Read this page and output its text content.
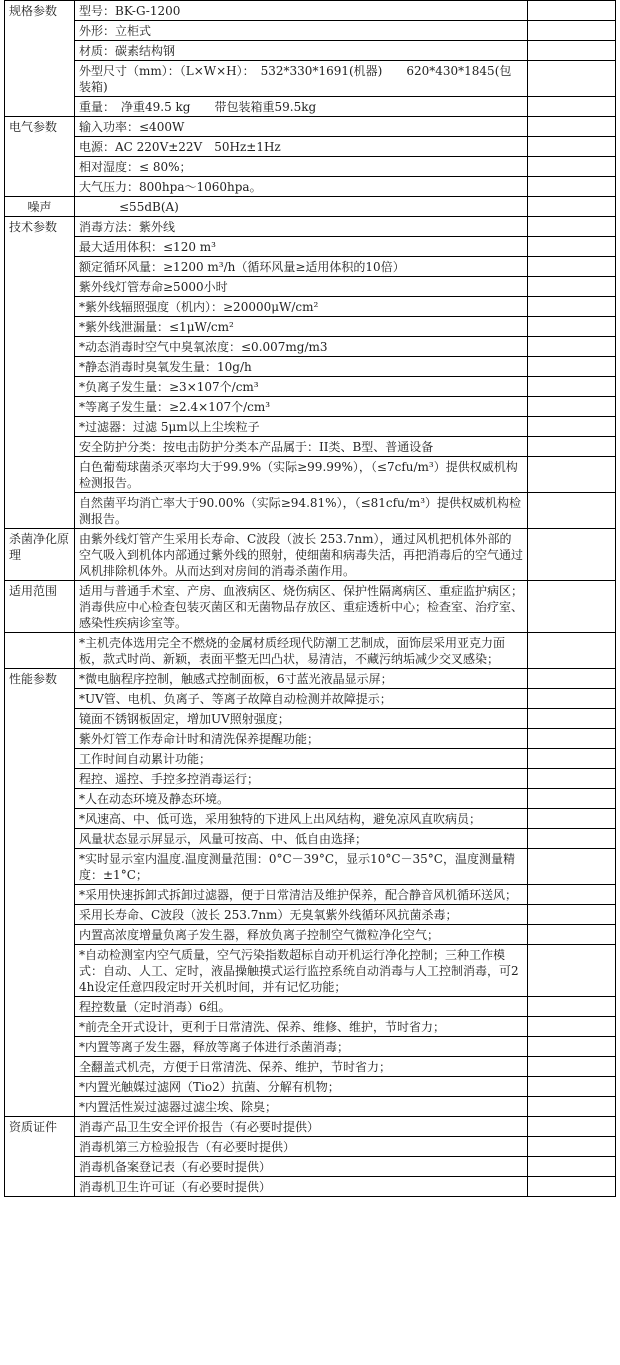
规格参数	型号：BK-G-1200	
	外形：立柜式	
	材质：碳素结构钢	
	外型尺寸（mm）：（L×W×H）：　532*330*1691(机器)　　620*430*1845(包装箱)	
	重量：　净重49.5 kg　　带包装箱重59.5kg	
电气参数	输入功率：≤400W	
	电源：AC 220V±22V　50Hz±1Hz	
	相对湿度：≤ 80%；	
	大气压力：800hpa～1060hpa。	
噪声	≤55dB(A)	
技术参数	消毒方法：紫外线	
	最大适用体积：≤120 m³	
	额定循环风量：≥1200 m³/h（循环风量≥适用体积的10倍）	
	紫外线灯管寿命≥5000小时	
	*紫外线辐照强度（机内）：≥20000μW/cm²	
	*紫外线泄漏量：≤1μW/cm²	
	*动态消毒时空气中臭氧浓度：≤0.007mg/m3	
	*静态消毒时臭氧发生量：10g/h	
	*负离子发生量：≥3×107个/cm³	
	*等离子发生量：≥2.4×107个/cm³	
	*过滤器：过滤 5μm以上尘埃粒子	
	安全防护分类：按电击防护分类本产品属于：II类、B型、普通设备	
	白色葡萄球菌杀灭率均大于99.9%（实际≥99.99%），（≤7cfu/m³）提供权威机构检测报告。	
	自然菌平均消亡率大于90.00%（实际≥94.81%），（≤81cfu/m³）提供权威机构检测报告。	
杀菌净化原理	由紫外线灯管产生采用长寿命、C波段（波长 253.7nm），通过风机把机体外部的空气吸入到机体内部通过紫外线的照射，使细菌和病毒失活，再把消毒后的空气通过风机排除机体外。从而达到对房间的消毒杀菌作用。	
适用范围	适用与普通手术室、产房、血液病区、烧伤病区、保护性隔离病区、重症监护病区；消毒供应中心检查包装灭菌区和无菌物品存放区、重症透析中心；检查室、治疗室、感染性疾病诊室等。	
	*主机壳体选用完全不燃烧的金属材质经现代防潮工艺制成，面饰层采用亚克力面板，款式时尚、新颖，表面平整无凹凸状，易清洁，不藏污纳垢减少交叉感染；	
性能参数	*微电脑程序控制，触感式控制面板，6寸蓝光液晶显示屏；	
	*UV管、电机、负离子、等离子故障自动检测并故障提示；	
	镜面不锈钢板固定，增加UV照射强度；	
	紫外灯管工作寿命计时和清洗保养提醒功能；	
	工作时间自动累计功能；	
	程控、遥控、手控多控消毒运行；	
	*人在动态环境及静态环境。	
	*风速高、中、低可选，采用独特的下进风上出风结构，避免凉风直吹病员；	
	风量状态显示屏显示，风量可按高、中、低自由选择；	
	*实时显示室内温度.温度测量范围：0°C－39°C，显示10°C－35°C，温度测量精度：±1°C；	
	*采用快速拆卸式拆卸过滤器，便于日常清洁及维护保养，配合静音风机循环送风；	
	采用长寿命、C波段（波长 253.7nm）无臭氧紫外线循环风抗菌杀毒；	
	内置高浓度增量负离子发生器，释放负离子控制空气微粒净化空气；	
	*自动检测室内空气质量，空气污染指数超标自动开机运行净化控制；三种工作模式：自动、人工、定时，液晶操触摸式运行监控系统自动消毒与人工控制消毒，可24h设定任意四段定时开关机时间，并有记忆功能；	
	程控数量（定时消毒）6组。	
	*前壳全开式设计，更利于日常清洗、保养、维修、维护，节时省力；	
	*内置等离子发生器，释放等离子体进行杀菌消毒；	
	全翻盖式机壳，方便于日常清洗、保养、维护，节时省力；	
	*内置光触媒过滤网（Tio2）抗菌、分解有机物；	
	*内置活性炭过滤器过滤尘埃、除臭；	
资质证件	消毒产品卫生安全评价报告（有必要时提供）	
	消毒机第三方检验报告（有必要时提供）	
	消毒机备案登记表（有必要时提供）	
	消毒机卫生许可证（有必要时提供）	
